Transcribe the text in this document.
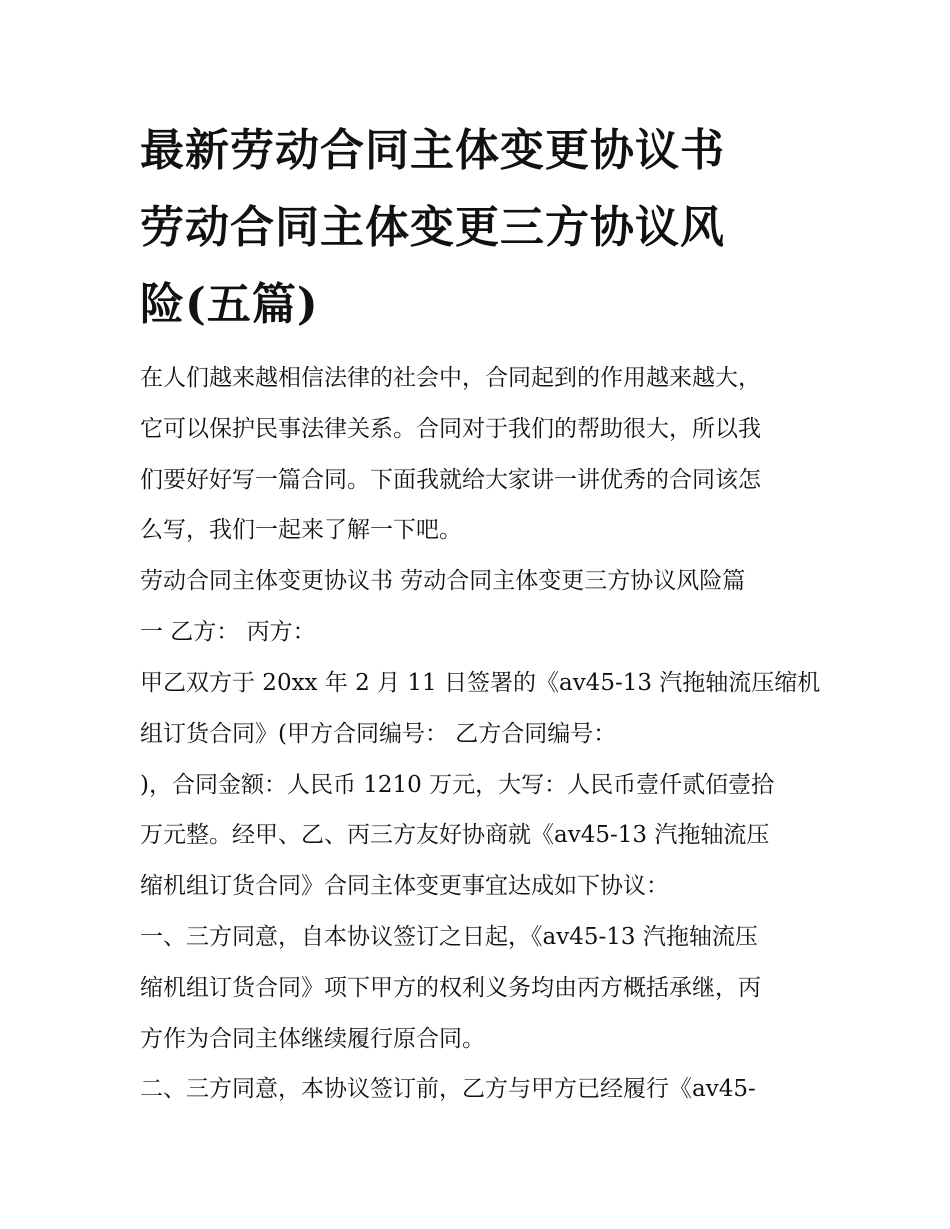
最新劳动合同主体变更协议书
劳动合同主体变更三方协议风
险(五篇)
在人们越来越相信法律的社会中，合同起到的作用越来越大，
它可以保护民事法律关系。合同对于我们的帮助很大，所以我
们要好好写一篇合同。下面我就给大家讲一讲优秀的合同该怎
么写，我们一起来了解一下吧。
劳动合同主体变更协议书 劳动合同主体变更三方协议风险篇
一 乙方： 丙方：
甲乙双方于 20xx 年 2 月 11 日签署的《av45-13 汽拖轴流压缩机
组订货合同》(甲方合同编号： 乙方合同编号：
)，合同金额：人民币 1210 万元，大写：人民币壹仟贰佰壹拾
万元整。经甲、乙、丙三方友好协商就《av45-13 汽拖轴流压
缩机组订货合同》合同主体变更事宜达成如下协议：
一、三方同意，自本协议签订之日起，《av45-13 汽拖轴流压
缩机组订货合同》项下甲方的权利义务均由丙方概括承继，丙
方作为合同主体继续履行原合同。
二、三方同意，本协议签订前，乙方与甲方已经履行《av45-
